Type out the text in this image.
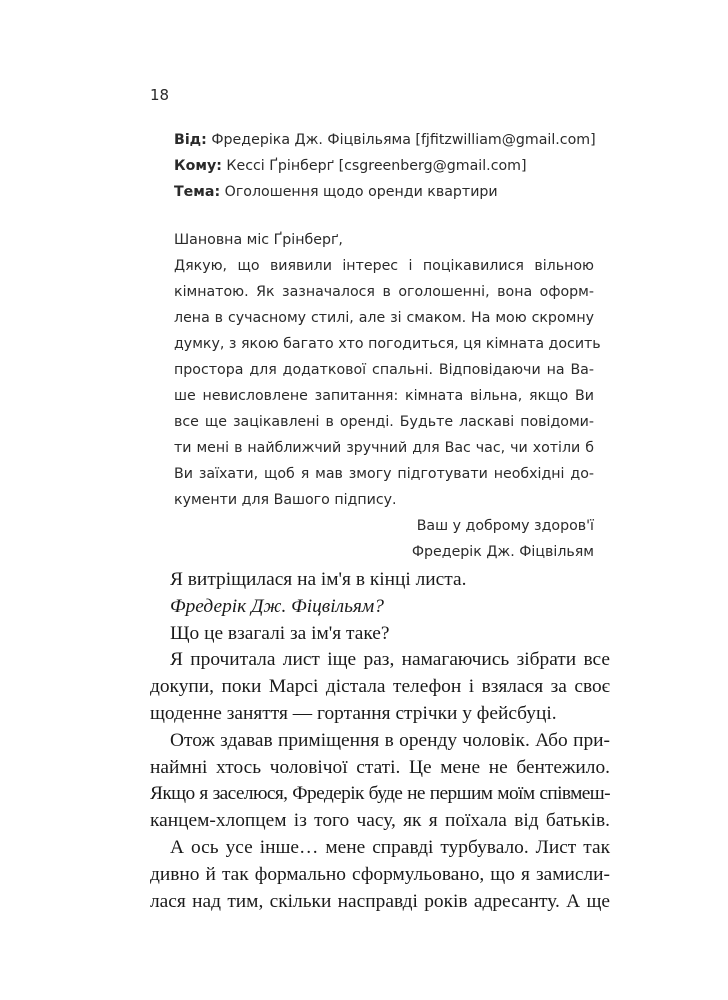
18
Від: Фредеріка Дж. Фіцвільяма [fjfitzwilliam@gmail.com]
Кому: Кессі Ґрінберґ [csgreenberg@gmail.com]
Тема: Оголошення щодо оренди квартири
Шановна міс Ґрінберґ,

Дякую, що виявили інтерес і поцікавилися вільною

кімнатою. Як зазначалося в оголошенні, вона оформ-

лена в сучасному стилі, але зі смаком. На мою скромну

думку, з якою багато хто погодиться, ця кімната досить

простора для додаткової спальні. Відповідаючи на Ва-

ше невисловлене запитання: кімната вільна, якщо Ви

все ще зацікавлені в оренді. Будьте ласкаві повідоми-

ти мені в найближчий зручний для Вас час, чи хотіли б

Ви заїхати, щоб я мав змогу підготувати необхідні до-

кументи для Вашого підпису.

Ваш у доброму здоров'ї
Фредерік Дж. Фіцвільям

Я витріщилася на ім'я в кінці листа.

Фредерік Дж. Фіцвільям?

Що це взагалі за ім'я таке?

Я прочитала лист іще раз, намагаючись зібрати все

докупи, поки Марсі дістала телефон і взялася за своє

щоденне заняття — гортання стрічки у фейсбуці.

Отож здавав приміщення в оренду чоловік. Або при-

наймні хтось чоловічої статі. Це мене не бентежило.

Якщо я заселюся, Фредерік буде не першим моїм співмеш-

канцем-хлопцем із того часу, як я поїхала від батьків.

А ось усе інше… мене справді турбувало. Лист так

дивно й так формально сформульовано, що я замисли-

лася над тим, скільки насправді років адресанту. А ще
